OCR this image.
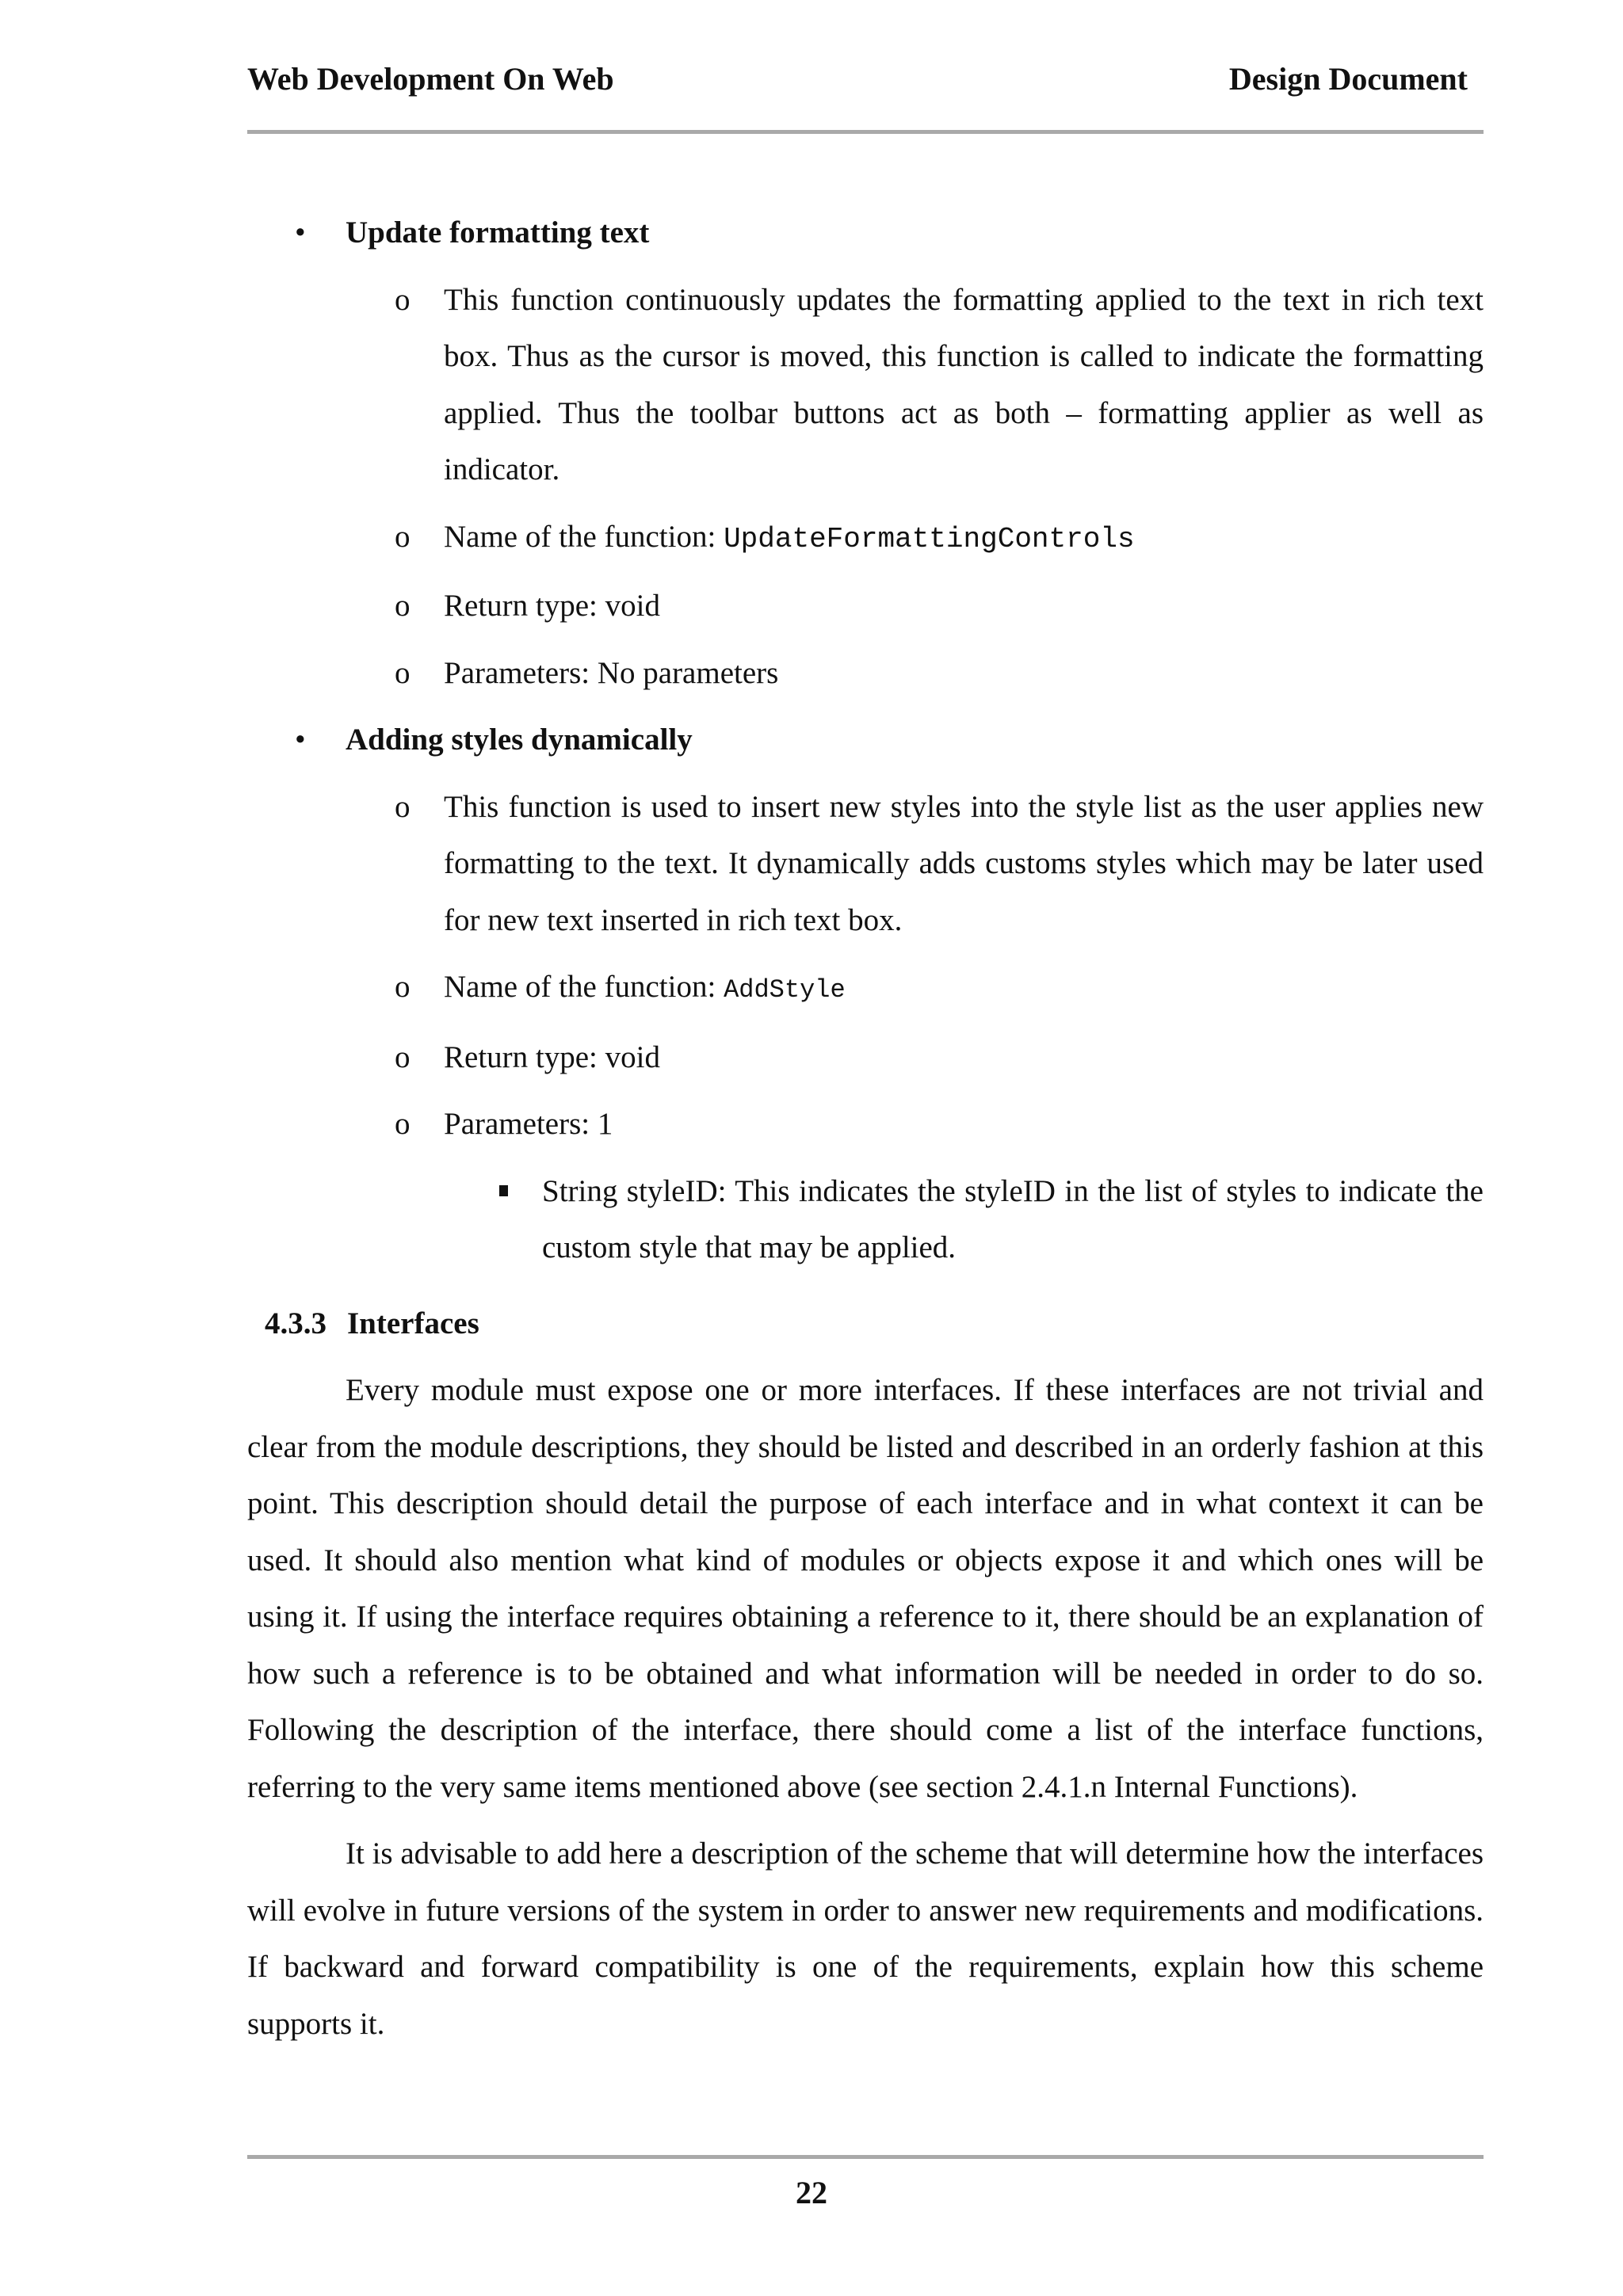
Web Development On Web	Design Document
• Update formatting text
o This function continuously updates the formatting applied to the text in rich text box. Thus as the cursor is moved, this function is called to indicate the formatting applied. Thus the toolbar buttons act as both – formatting applier as well as indicator.
o Name of the function: UpdateFormattingControls
o Return type: void
o Parameters: No parameters
• Adding styles dynamically
o This function is used to insert new styles into the style list as the user applies new formatting to the text. It dynamically adds customs styles which may be later used for new text inserted in rich text box.
o Name of the function: AddStyle
o Return type: void
o Parameters: 1
String styleID: This indicates the styleID in the list of styles to indicate the custom style that may be applied.
4.3.3 Interfaces

Every module must expose one or more interfaces. If these interfaces are not trivial and clear from the module descriptions, they should be listed and described in an orderly fashion at this point. This description should detail the purpose of each interface and in what context it can be used. It should also mention what kind of modules or objects expose it and which ones will be using it. If using the interface requires obtaining a reference to it, there should be an explanation of how such a reference is to be obtained and what information will be needed in order to do so. Following the description of the interface, there should come a list of the interface functions, referring to the very same items mentioned above (see section 2.4.1.n Internal Functions).

It is advisable to add here a description of the scheme that will determine how the interfaces will evolve in future versions of the system in order to answer new requirements and modifications. If backward and forward compatibility is one of the requirements, explain how this scheme supports it.

22
